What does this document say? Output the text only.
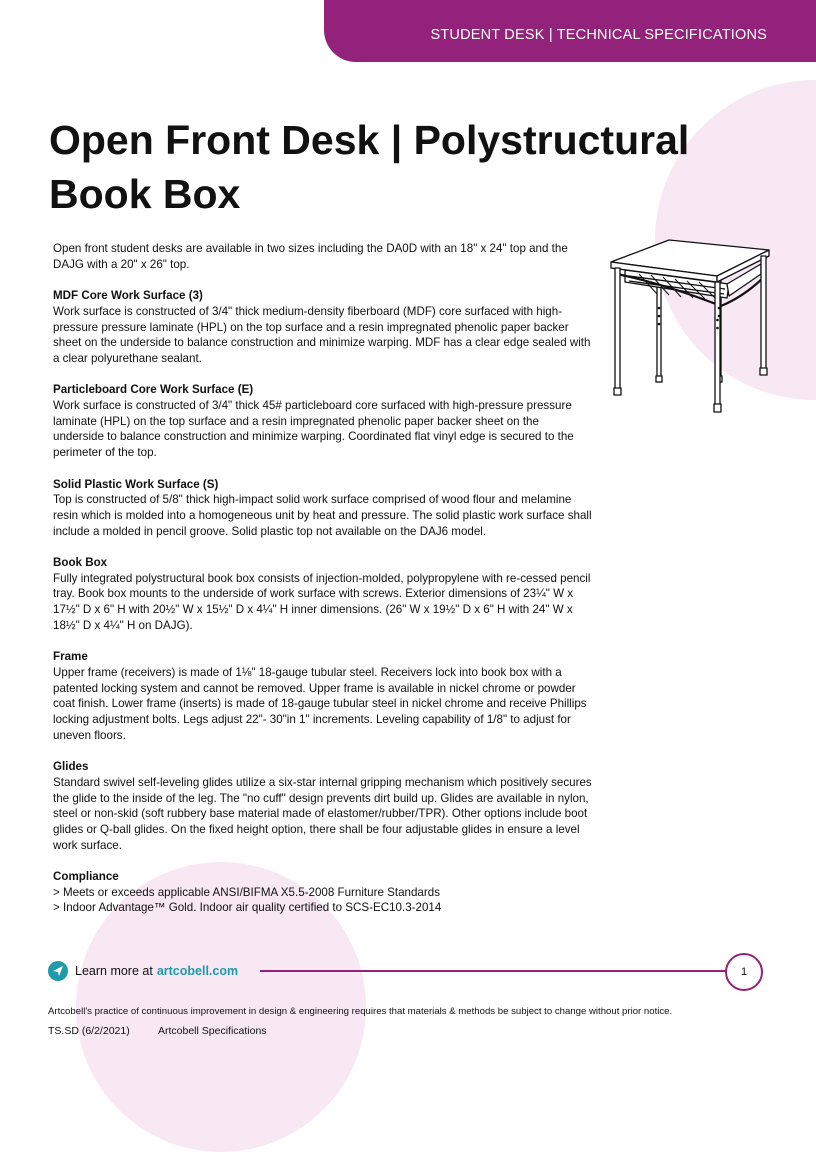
STUDENT DESK | TECHNICAL SPECIFICATIONS
Open Front Desk | Polystructural
Book Box

Open front student desks are available in two sizes including the DA0D with an 18" x 24" top and the DAJG with a 20" x 26" top.

MDF Core Work Surface (3)
Work surface is constructed of 3/4" thick medium-density fiberboard (MDF) core surfaced with high-pressure pressure laminate (HPL) on the top surface and a resin impregnated phenolic paper backer sheet on the underside to balance construction and minimize warping. MDF has a clear edge sealed with a clear polyurethane sealant.

Particleboard Core Work Surface (E)
Work surface is constructed of 3/4" thick 45# particleboard core surfaced with high-pressure pressure laminate (HPL) on the top surface and a resin impregnated phenolic paper backer sheet on the underside to balance construction and minimize warping. Coordinated flat vinyl edge is secured to the perimeter of the top.

Solid Plastic Work Surface (S)
Top is constructed of 5/8" thick high-impact solid work surface comprised of wood flour and melamine resin which is molded into a homogeneous unit by heat and pressure. The solid plastic work surface shall include a molded in pencil groove. Solid plastic top not available on the DAJ6 model.

Book Box
Fully integrated polystructural book box consists of injection-molded, polypropylene with re-cessed pencil tray. Book box mounts to the underside of work surface with screws. Exterior dimensions of 23¼" W x 17½" D x 6" H with 20½" W x 15½" D x 4¼" H inner dimensions. (26" W x 19½" D x 6" H with 24" W x 18½" D x 4¼" H on DAJG).

Frame
Upper frame (receivers) is made of 1⅛" 18-gauge tubular steel. Receivers lock into book box with a patented locking system and cannot be removed. Upper frame is available in nickel chrome or powder coat finish. Lower frame (inserts) is made of 18-gauge tubular steel in nickel chrome and receive Phillips locking adjustment bolts. Legs adjust 22"- 30"in 1" increments. Leveling capability of 1/8" to adjust for uneven floors.

Glides
Standard swivel self-leveling glides utilize a six-star internal gripping mechanism which positively secures the glide to the inside of the leg. The "no cuff" design prevents dirt build up. Glides are available in nylon, steel or non-skid (soft rubbery base material made of elastomer/rubber/TPR). Other options include boot glides or Q-ball glides. On the fixed height option, there shall be four adjustable glides in ensure a level work surface.

Compliance
> Meets or exceeds applicable ANSI/BIFMA X5.5-2008 Furniture Standards
> Indoor Advantage™ Gold. Indoor air quality certified to SCS-EC10.3-2014

Learn more at artcobell.com	1
Artcobell's practice of continuous improvement in design & engineering requires that materials & methods be subject to change without prior notice.
TS.SD (6/2/2021)	Artcobell Specifications
